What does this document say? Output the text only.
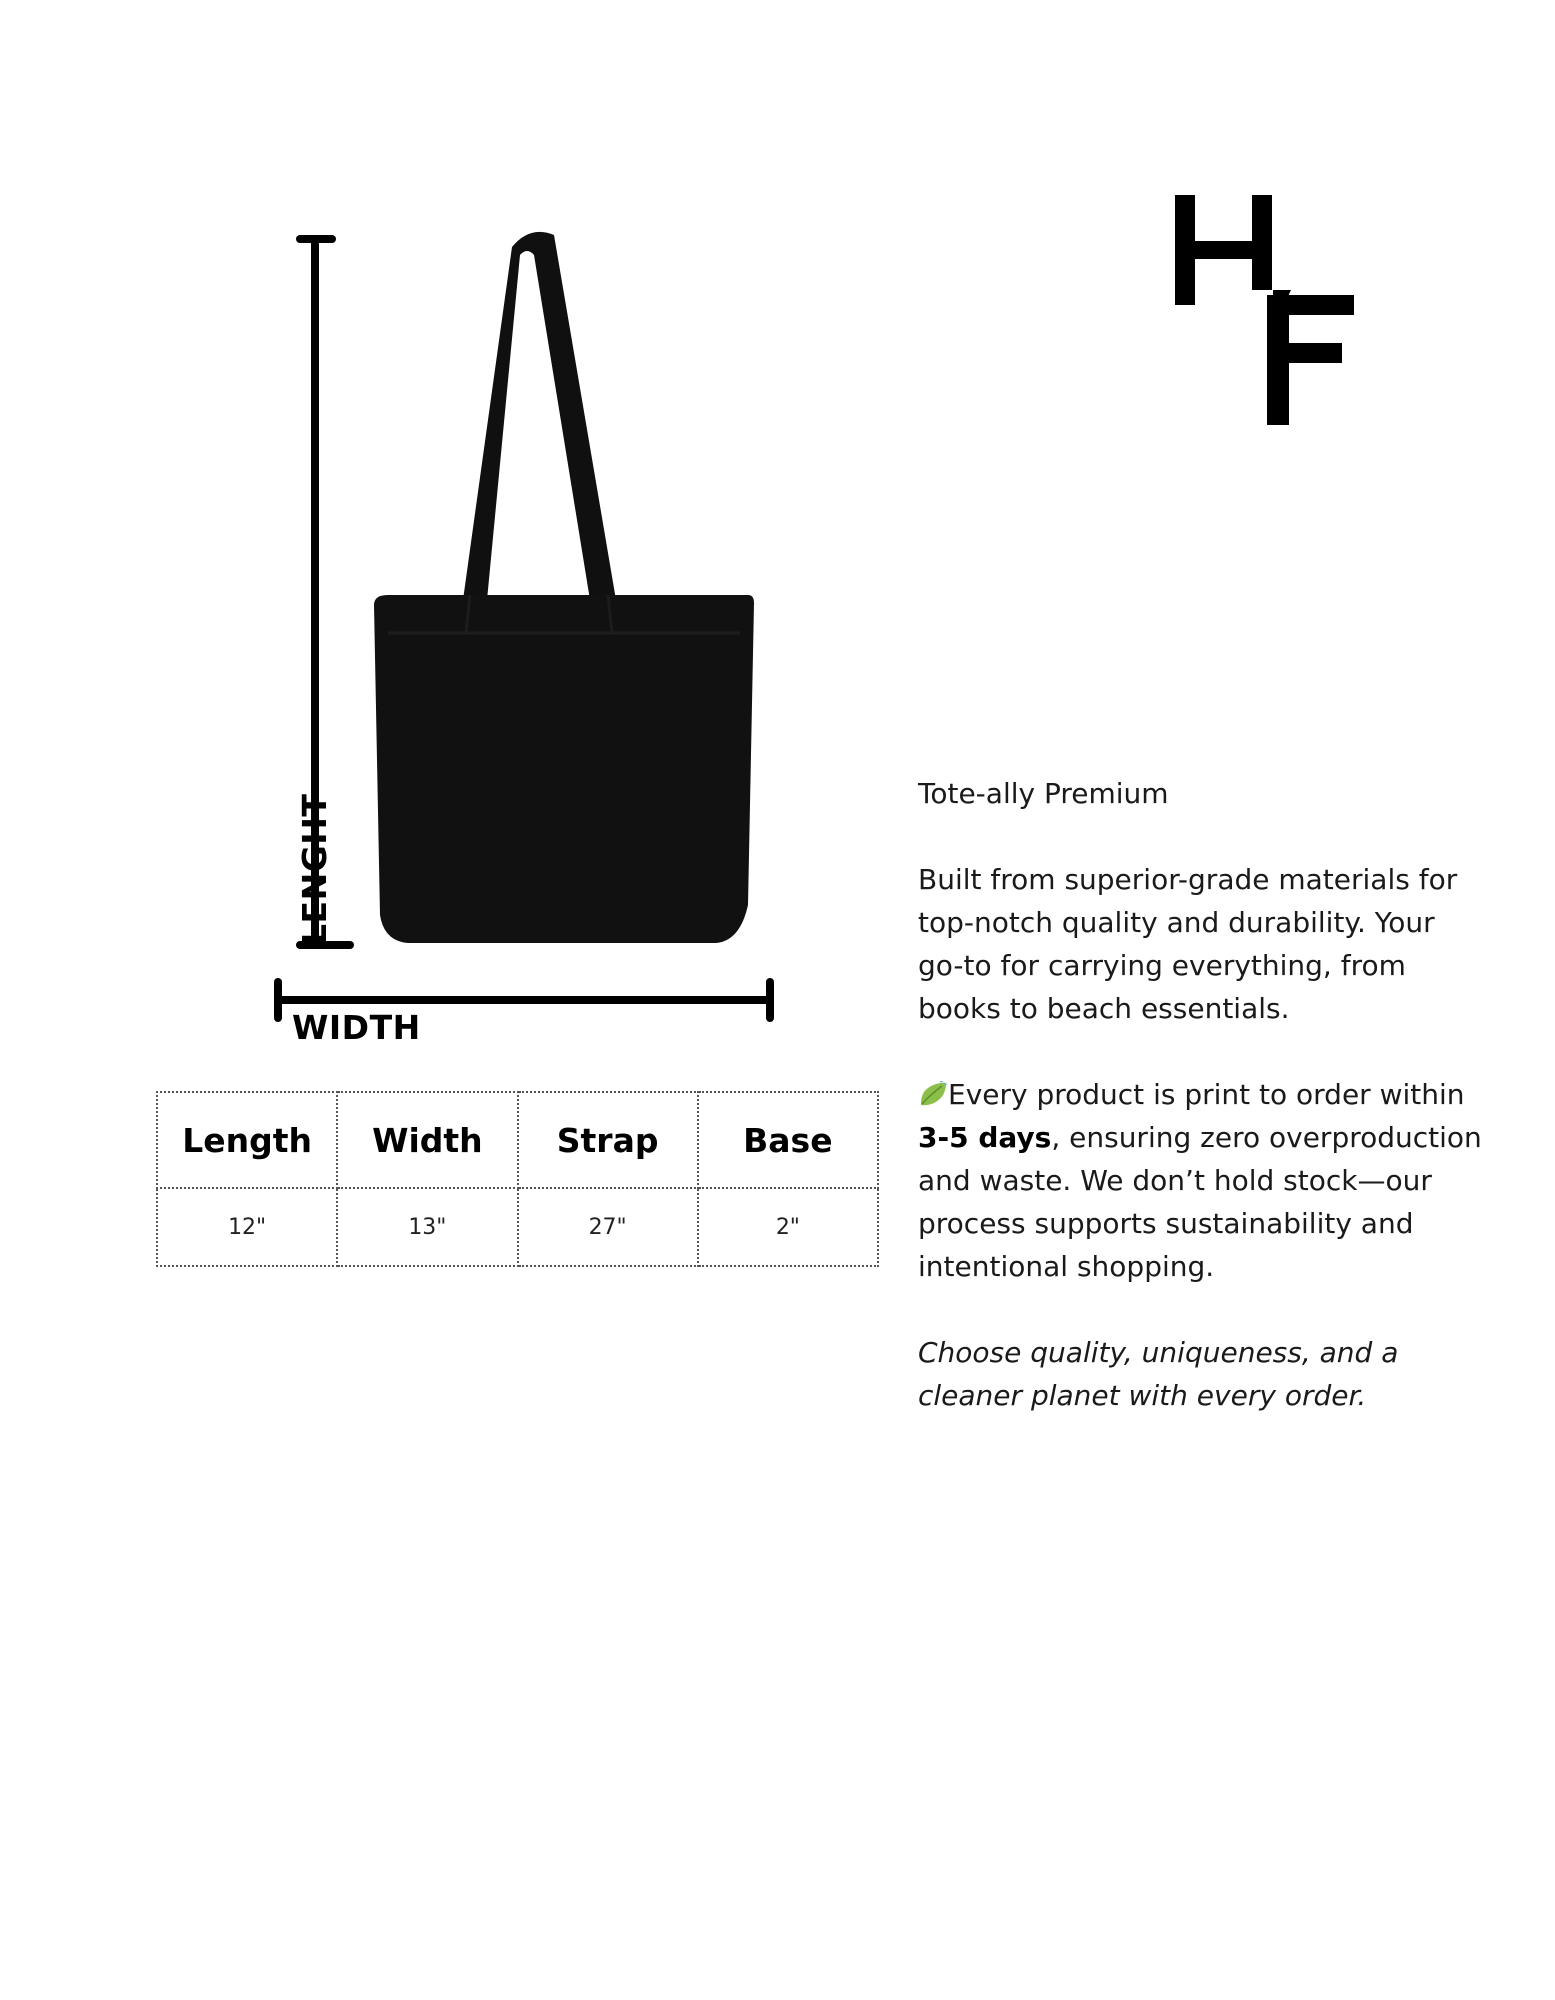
LENGHT
WIDTH
Length	Width	Strap	Base
12"	13"	27"	2"

Tote-ally Premium

Built from superior-grade materials for top-notch quality and durability. Your go-to for carrying everything, from books to beach essentials.

Every product is print to order within 3-5 days, ensuring zero overproduction and waste. We don’t hold stock—our process supports sustainability and intentional shopping.

Choose quality, uniqueness, and a cleaner planet with every order.
